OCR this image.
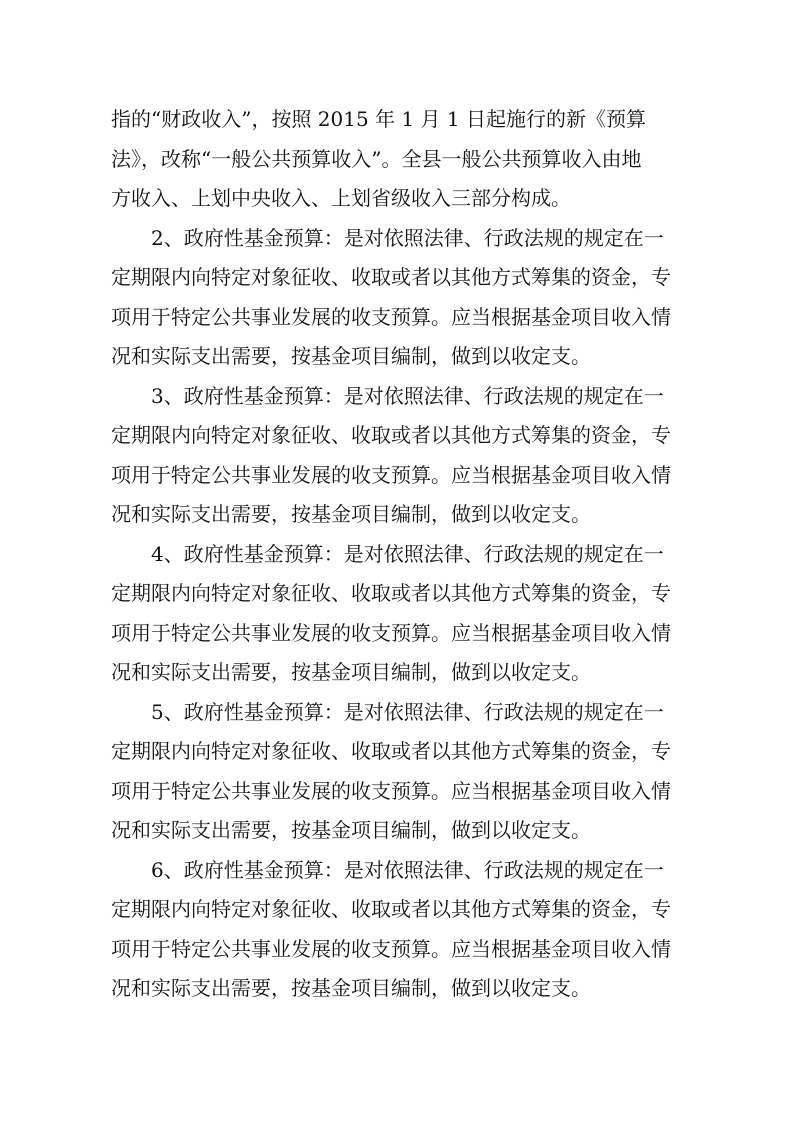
指的“财政收入”，按照 2015 年 1 月 1 日起施行的新《预算
法》，改称“一般公共预算收入”。全县一般公共预算收入由地
方收入、上划中央收入、上划省级收入三部分构成。
2、政府性基金预算：是对依照法律、行政法规的规定在一
定期限内向特定对象征收、收取或者以其他方式筹集的资金，专
项用于特定公共事业发展的收支预算。应当根据基金项目收入情
况和实际支出需要，按基金项目编制，做到以收定支。
3、政府性基金预算：是对依照法律、行政法规的规定在一
定期限内向特定对象征收、收取或者以其他方式筹集的资金，专
项用于特定公共事业发展的收支预算。应当根据基金项目收入情
况和实际支出需要，按基金项目编制，做到以收定支。
4、政府性基金预算：是对依照法律、行政法规的规定在一
定期限内向特定对象征收、收取或者以其他方式筹集的资金，专
项用于特定公共事业发展的收支预算。应当根据基金项目收入情
况和实际支出需要，按基金项目编制，做到以收定支。
5、政府性基金预算：是对依照法律、行政法规的规定在一
定期限内向特定对象征收、收取或者以其他方式筹集的资金，专
项用于特定公共事业发展的收支预算。应当根据基金项目收入情
况和实际支出需要，按基金项目编制，做到以收定支。
6、政府性基金预算：是对依照法律、行政法规的规定在一
定期限内向特定对象征收、收取或者以其他方式筹集的资金，专
项用于特定公共事业发展的收支预算。应当根据基金项目收入情
况和实际支出需要，按基金项目编制，做到以收定支。
